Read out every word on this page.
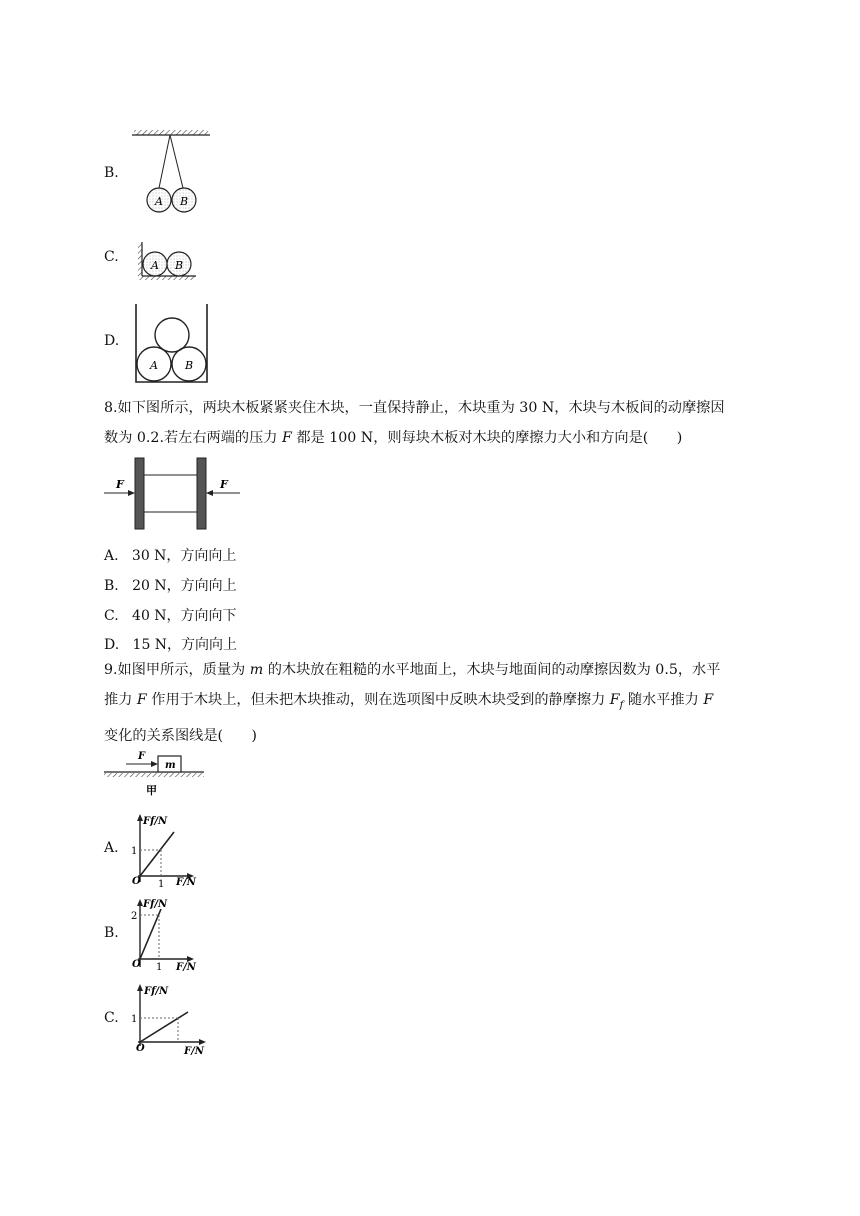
B.
A B
C.
A B
D.
A B
8.如下图所示，两块木板紧紧夹住木块，一直保持静止，木块重为 30 N，木块与木板间的动摩擦因
数为 0.2.若左右两端的压力 F 都是 100 N，则每块木板对木块的摩擦力大小和方向是(　　)
F	F
A. 30 N，方向向上
B. 20 N，方向向上
C. 40 N，方向向下
D. 15 N，方向向上
9.如图甲所示，质量为 m 的木块放在粗糙的水平地面上，木块与地面间的动摩擦因数为 0.5，水平
推力 F 作用于木块上，但未把木块推动，则在选项图中反映木块受到的静摩擦力 $F_f$ 随水平推力 F
变化的关系图线是(　　)
F
m
甲
A.
Ff/N
1
O 1 F/N
B.
Ff/N
2
O 1 F/N
C.
Ff/N
1
O	F/N
